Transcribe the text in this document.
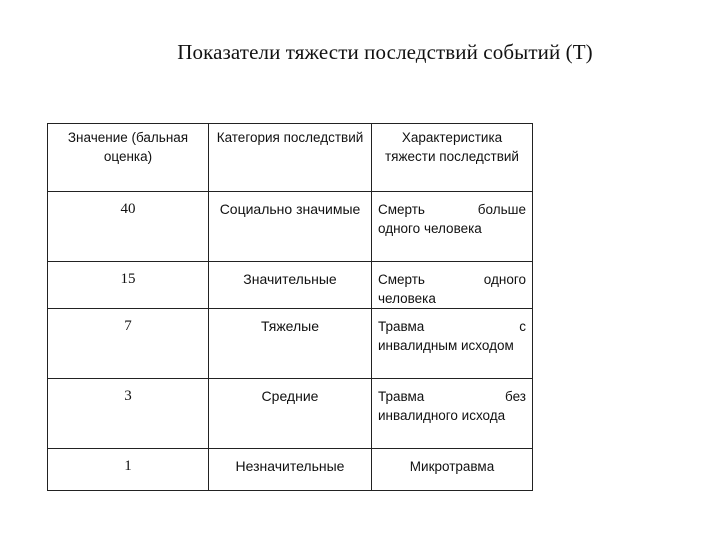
Показатели тяжести последствий событий (Т)
Значение (бальная оценка)	Категория последствий	Характеристика тяжести последствий
40	Социально значимые	Смерть больше
одного человека
15	Значительные	Смерть одного
человека
7	Тяжелые	Травма с
инвалидным исходом
3	Средние	Травма без
инвалидного исхода
1	Незначительные	Микротравма
